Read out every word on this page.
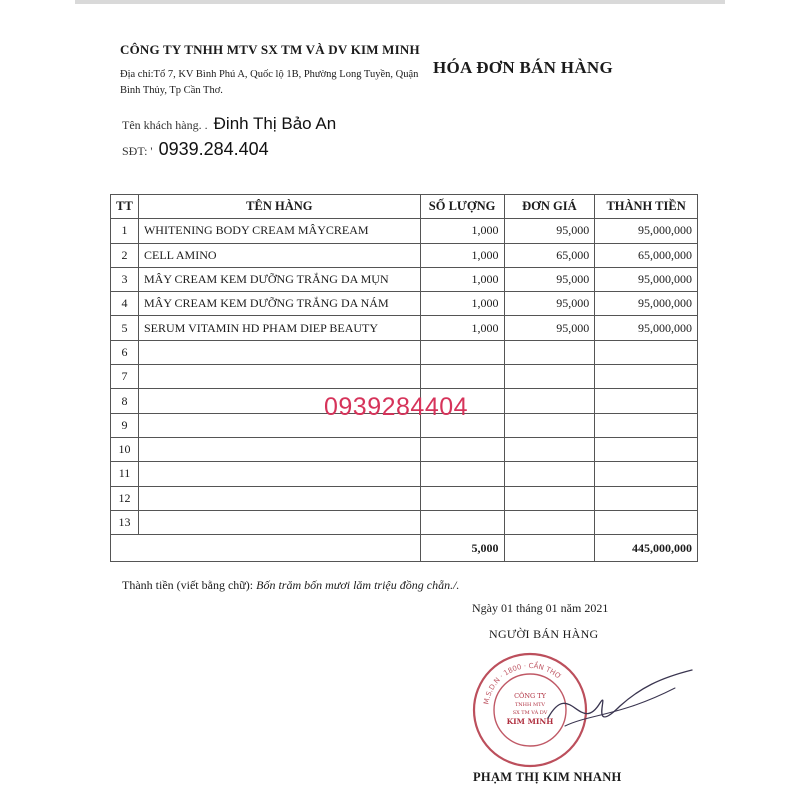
CÔNG TY TNHH MTV SX TM VÀ DV KIM MINH
Địa chỉ:Tổ 7, KV Bình Phú A, Quốc lộ 1B, Phường Long Tuyền, Quận Bình Thủy, Tp Cần Thơ.
HÓA ĐƠN BÁN HÀNG
Tên khách hàng. . Đinh Thị Bảo An
SĐT: ' 0939.284.404
TT	TÊN HÀNG	SỐ LƯỢNG	ĐƠN GIÁ	THÀNH TIỀN
1	WHITENING BODY CREAM MÂYCREAM	1,000	95,000	95,000,000
2	CELL AMINO	1,000	65,000	65,000,000
3	MÂY CREAM KEM DƯỠNG TRẮNG DA MỤN	1,000	95,000	95,000,000
4	MÂY CREAM KEM DƯỠNG TRẮNG DA NÁM	1,000	95,000	95,000,000
5	SERUM VITAMIN HD PHAM DIEP BEAUTY	1,000	95,000	95,000,000
6				
7				
8				
9				
10				
11				
12				
13				
		5,000		445,000,000
0939284404
Thành tiền (viết bằng chữ): Bốn trăm bốn mươi lăm triệu đồng chẵn./.
Ngày 01 tháng 01 năm 2021
NGƯỜI BÁN HÀNG
M.S.D.N · 1800 · CẦN THƠ
CÔNG TY
TNHH MTV
SX TM VÀ DV
KIM MINH
PHẠM THỊ KIM NHANH
